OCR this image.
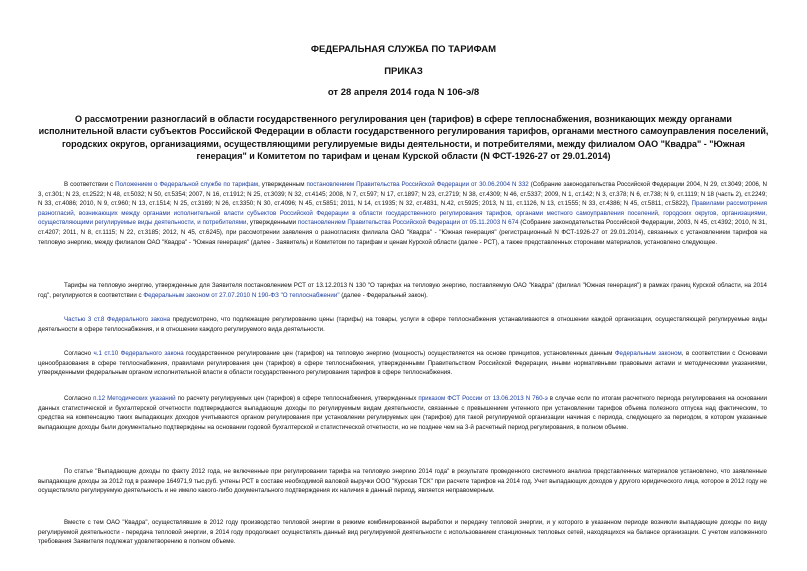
ФЕДЕРАЛЬНАЯ СЛУЖБА ПО ТАРИФАМ
ПРИКАЗ
от 28 апреля 2014 года N 106-э/8
О рассмотрении разногласий в области государственного регулирования цен (тарифов) в сфере теплоснабжения, возникающих между органами исполнительной власти субъектов Российской Федерации в области государственного регулирования тарифов, органами местного самоуправления поселений, городских округов, организациями, осуществляющими регулируемые виды деятельности, и потребителями, между филиалом ОАО "Квадра" - "Южная генерация" и Комитетом по тарифам и ценам Курской области (N ФСТ-1926-27 от 29.01.2014)
В соответствии с Положением о Федеральной службе по тарифам, утвержденным постановлением Правительства Российской Федерации от 30.06.2004 N 332 (Собрание законодательства Российской Федерации 2004, N 29, ст.3049; 2006, N 3, ст.301; N 23, ст.2522; N 48, ст.5032; N 50, ст.5354; 2007, N 16, ст.1912; N 25, ст.3039; N 32, ст.4145; 2008, N 7, ст.597; N 17, ст.1897; N 23, ст.2719; N 38, ст.4309; N 46, ст.5337; 2009, N 1, ст.142; N 3, ст.378; N 6, ст.738; N 9, ст.1119; N 18 (часть 2), ст.2249; N 33, ст.4086; 2010, N 9, ст.960; N 13, ст.1514; N 25, ст.3169; N 26, ст.3350; N 30, ст.4096; N 45, ст.5851; 2011, N 14, ст.1935; N 32, ст.4831, N.42, ст.5925; 2013, N 11, ст.1126, N 13, ст.1555; N 33, ст.4386; N 45, ст.5811, ст.5822), Правилами рассмотрения разногласий, возникающих между органами исполнительной власти субъектов Российской Федерации в области государственного регулирования тарифов, органами местного самоуправления поселений, городских округов, организациями, осуществляющими регулируемые виды деятельности, и потребителями, утвержденными постановлением Правительства Российской Федерации от 05.11.2003 N 674 (Собрание законодательства Российской Федерации, 2003, N 45, ст.4392; 2010, N 31, ст.4207; 2011, N 8, ст.1115; N 22, ст.3185; 2012, N 45, ст.6245), при рассмотрении заявления о разногласиях филиала ОАО "Квадра" - "Южная генерация" (регистрационный N ФСТ-1926-27 от 29.01.2014), связанных с установлением тарифов на тепловую энергию, между филиалом ОАО "Квадра" - "Южная генерация" (далее - Заявитель) и Комитетом по тарифам и ценам Курской области (далее - РСТ), а также представленных сторонами материалов, установлено следующее.
Тарифы на тепловую энергию, утвержденные для Заявителя постановлением РСТ от 13.12.2013 N 130 "О тарифах на тепловую энергию, поставляемую ОАО "Квадра" (филиал "Южная генерация") в рамках границ Курской области, на 2014 год", регулируются в соответствии с Федеральным законом от 27.07.2010 N 190-ФЗ "О теплоснабжении" (далее - Федеральный закон).
Частью 3 ст.8 Федерального закона предусмотрено, что подлежащие регулированию цены (тарифы) на товары, услуги в сфере теплоснабжения устанавливаются в отношении каждой организации, осуществляющей регулируемые виды деятельности в сфере теплоснабжения, и в отношении каждого регулируемого вида деятельности.
Согласно ч.1 ст.10 Федерального закона государственное регулирование цен (тарифов) на тепловую энергию (мощность) осуществляется на основе принципов, установленных данным Федеральным законом, в соответствии с Основами ценообразования в сфере теплоснабжения, правилами регулирования цен (тарифов) в сфере теплоснабжения, утвержденными Правительством Российской Федерации, иными нормативными правовыми актами и методическими указаниями, утвержденными федеральным органом исполнительной власти в области государственного регулирования тарифов в сфере теплоснабжения.
Согласно п.12 Методических указаний по расчету регулируемых цен (тарифов) в сфере теплоснабжения, утвержденных приказом ФСТ России от 13.06.2013 N 760-э в случае если по итогам расчетного периода регулирования на основании данных статистической и бухгалтерской отчетности подтверждаются выпадающие доходы по регулируемым видам деятельности, связанные с превышением учтенного при установлении тарифов объема полезного отпуска над фактическим, то средства на компенсацию таких выпадающих доходов учитываются органом регулирования при установлении регулируемых цен (тарифов) для такой регулируемой организации начиная с периода, следующего за периодом, в котором указанные выпадающие доходы были документально подтверждены на основании годовой бухгалтерской и статистической отчетности, но не позднее чем на 3-й расчетный период регулирования, в полном объеме.
По статье "Выпадающие доходы по факту 2012 года, не включенные при регулировании тарифа на тепловую энергию 2014 года" в результате проведенного системного анализа представленных материалов установлено, что заявленные выпадающие доходы за 2012 год в размере 164971,9 тыс.руб. учтены РСТ в составе необходимой валовой выручки ООО "Курская ТСК" при расчете тарифов на 2014 год. Учет выпадающих доходов у другого юридического лица, которое в 2012 году не осуществляло регулируемую деятельность и не имело какого-либо документального подтверждения их наличия в данный период, является неправомерным.
Вместе с тем ОАО "Квадра", осуществлявшие в 2012 году производство тепловой энергии в режиме комбинированной выработки и передачу тепловой энергии, и у которого в указанном периоде возникли выпадающие доходы по виду регулируемой деятельности - передача тепловой энергии, в 2014 году продолжает осуществлять данный вид регулируемой деятельности с использованием станционных тепловых сетей, находящихся на балансе организации. С учетом изложенного требования Заявителя подлежат удовлетворению в полном объеме.
